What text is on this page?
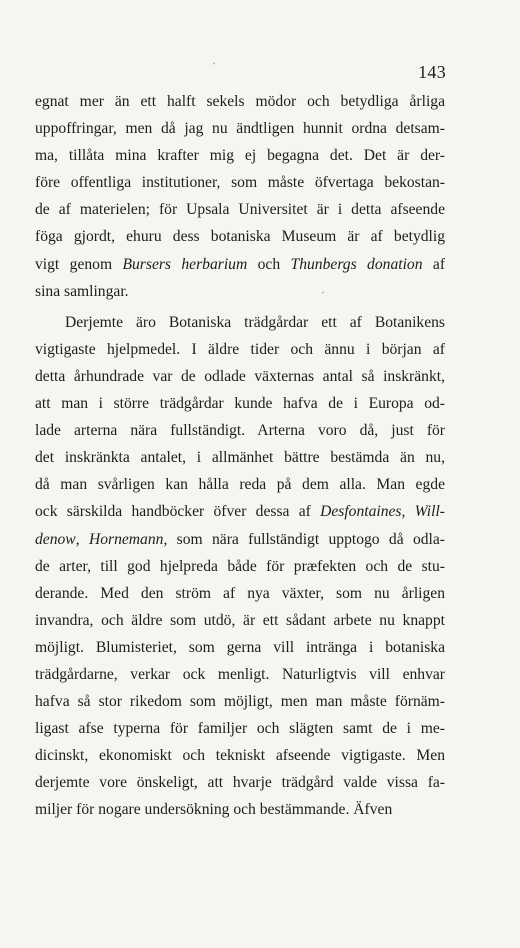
143
egnat mer än ett halft sekels mödor och betydliga årliga
uppoffringar, men då jag nu ändtligen hunnit ordna detsam-
ma, tillåta mina krafter mig ej begagna det. Det är der-
före offentliga institutioner, som måste öfvertaga bekostan-
de af materielen; för Upsala Universitet är i detta afseende
föga gjordt, ehuru dess botaniska Museum är af betydlig
vigt genom Bursers herbarium och Thunbergs donation af
sina samlingar.
Derjemte äro Botaniska trädgårdar ett af Botanikens
vigtigaste hjelpmedel. I äldre tider och ännu i början af
detta århundrade var de odlade växternas antal så inskränkt,
att man i större trädgårdar kunde hafva de i Europa od-
lade arterna nära fullständigt. Arterna voro då, just för
det inskränkta antalet, i allmänhet bättre bestämda än nu,
då man svårligen kan hålla reda på dem alla. Man egde
ock särskilda handböcker öfver dessa af Desfontaines, Will-
denow, Hornemann, som nära fullständigt upptogo då odla-
de arter, till god hjelpreda både för præfekten och de stu-
derande. Med den ström af nya växter, som nu årligen
invandra, och äldre som utdö, är ett sådant arbete nu knappt
möjligt. Blumisteriet, som gerna vill intränga i botaniska
trädgårdarne, verkar ock menligt. Naturligtvis vill enhvar
hafva så stor rikedom som möjligt, men man måste förnäm-
ligast afse typerna för familjer och slägten samt de i me-
dicinskt, ekonomiskt och tekniskt afseende vigtigaste. Men
derjemte vore önskeligt, att hvarje trädgård valde vissa fa-
miljer för nogare undersökning och bestämmande. Äfven
